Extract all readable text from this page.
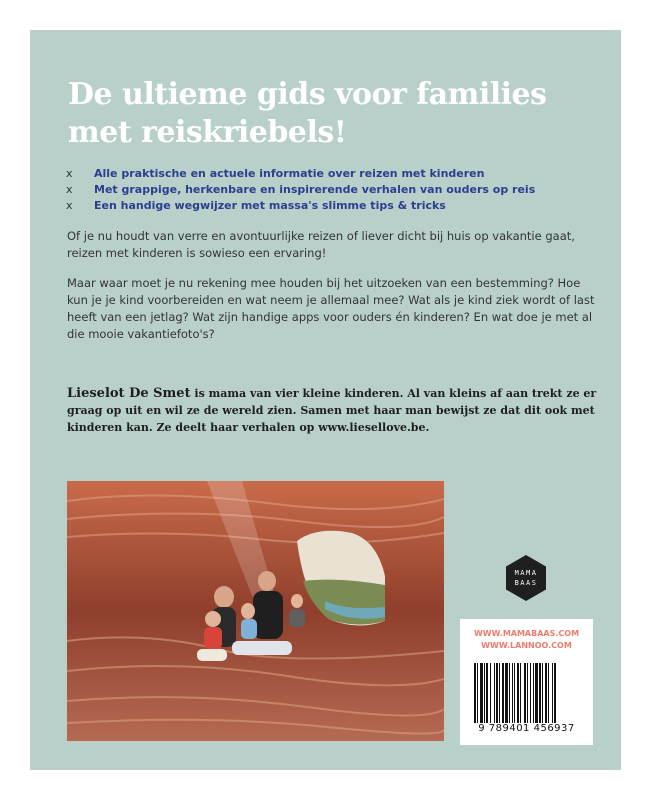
De ultieme gids voor families
met reiskriebels!
x	Alle praktische en actuele informatie over reizen met kinderen
x	Met grappige, herkenbare en inspirerende verhalen van ouders op reis
x	Een handige wegwijzer met massa's slimme tips & tricks

Of je nu houdt van verre en avontuurlijke reizen of liever dicht bij huis op vakantie gaat, reizen met kinderen is sowieso een ervaring!

Maar waar moet je nu rekening mee houden bij het uitzoeken van een bestemming? Hoe kun je je kind voorbereiden en wat neem je allemaal mee? Wat als je kind ziek wordt of last heeft van een jetlag? Wat zijn handige apps voor ouders én kinderen? En wat doe je met al die mooie vakantiefoto's?

Lieselot De Smet is mama van vier kleine kinderen. Al van kleins af aan trekt ze er graag op uit en wil ze de wereld zien. Samen met haar man bewijst ze dat dit ook met kinderen kan. Ze deelt haar verhalen op www.liesellove.be.

MAMA
BAAS
WWW.MAMABAAS.COM
WWW.LANNOO.COM
9 789401 456937
